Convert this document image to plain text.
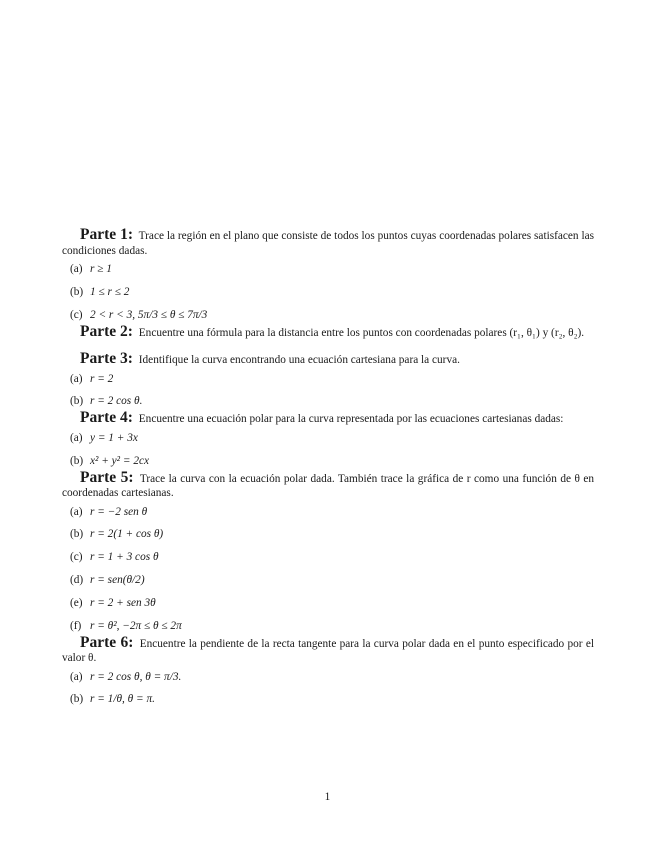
Parte 1: Trace la región en el plano que consiste de todos los puntos cuyas coordenadas polares satisfacen las condiciones dadas.

(a) r ≥ 1
(b) 1 ≤ r ≤ 2
(c) 2 < r < 3, 5π/3 ≤ θ ≤ 7π/3

Parte 2: Encuentre una fórmula para la distancia entre los puntos con coordenadas polares (r₁, θ₁) y (r₂, θ₂).

Parte 3: Identifique la curva encontrando una ecuación cartesiana para la curva.

(a) r = 2
(b) r = 2 cos θ.

Parte 4: Encuentre una ecuación polar para la curva representada por las ecuaciones cartesianas dadas:

(a) y = 1 + 3x
(b) x² + y² = 2cx

Parte 5: Trace la curva con la ecuación polar dada. También trace la gráfica de r como una función de θ en coordenadas cartesianas.

(a) r = −2 sen θ
(b) r = 2(1 + cos θ)
(c) r = 1 + 3 cos θ
(d) r = sen(θ/2)
(e) r = 2 + sen 3θ
(f) r = θ², −2π ≤ θ ≤ 2π

Parte 6: Encuentre la pendiente de la recta tangente para la curva polar dada en el punto especificado por el valor θ.

(a) r = 2 cos θ, θ = π/3.
(b) r = 1/θ, θ = π.
1
